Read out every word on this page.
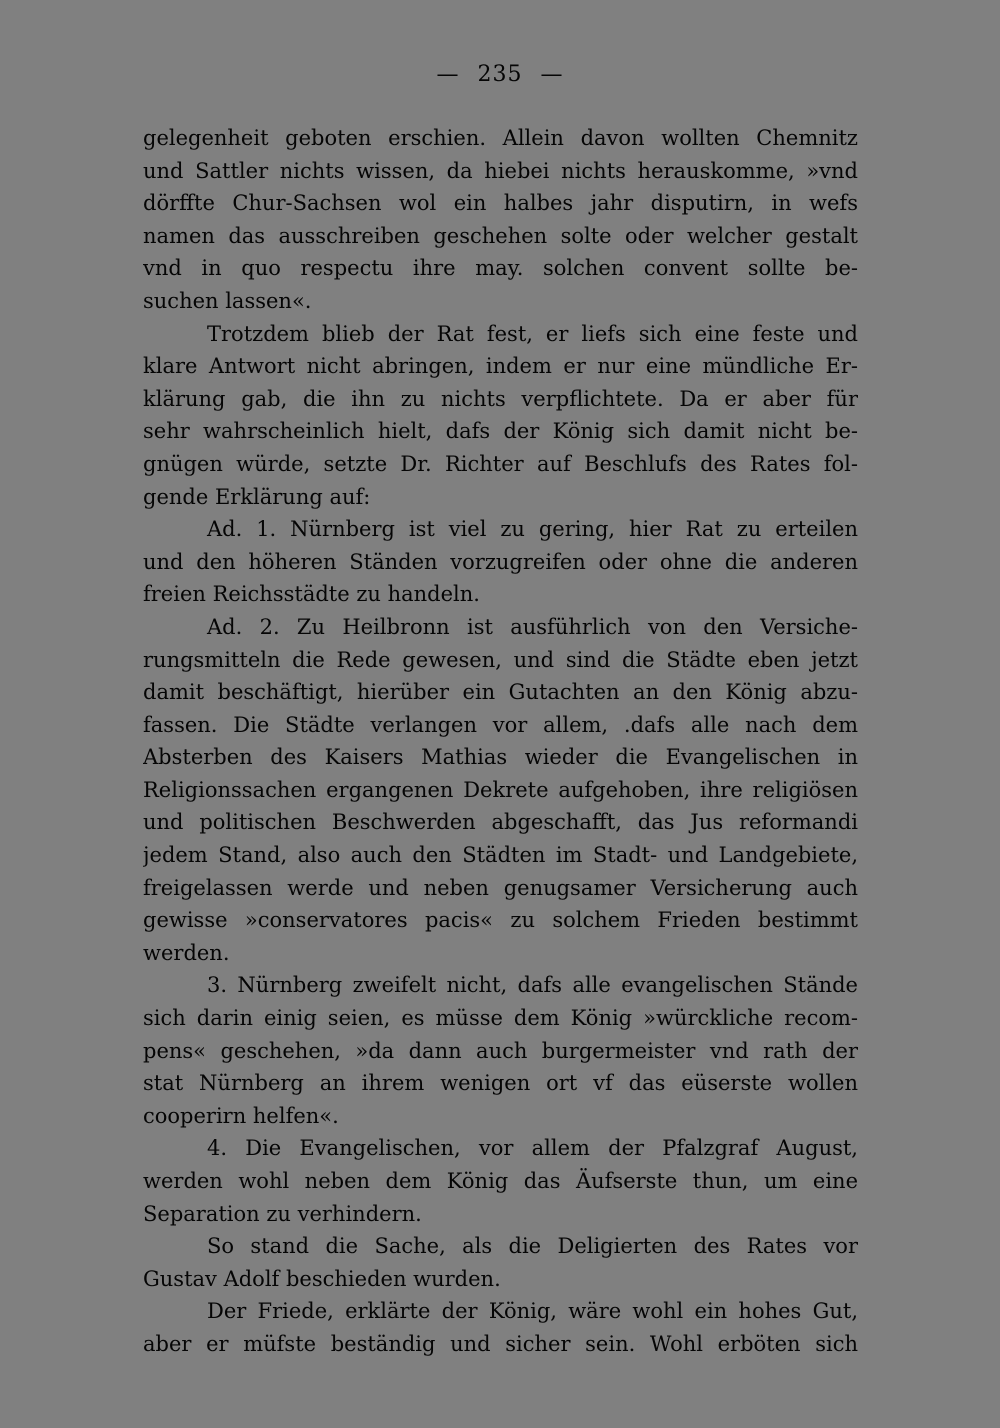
— 235 —
gelegenheit geboten erschien. Allein davon wollten Chemnitz
und Sattler nichts wissen, da hiebei nichts herauskomme, »vnd
dörffte Chur-Sachsen wol ein halbes jahr disputirn, in wefs
namen das ausschreiben geschehen solte oder welcher gestalt
vnd in quo respectu ihre may. solchen convent sollte be-
suchen lassen«.
Trotzdem blieb der Rat fest, er liefs sich eine feste und
klare Antwort nicht abringen, indem er nur eine mündliche Er-
klärung gab, die ihn zu nichts verpflichtete. Da er aber für
sehr wahrscheinlich hielt, dafs der König sich damit nicht be-
gnügen würde, setzte Dr. Richter auf Beschlufs des Rates fol-
gende Erklärung auf:
Ad. 1. Nürnberg ist viel zu gering, hier Rat zu erteilen
und den höheren Ständen vorzugreifen oder ohne die anderen
freien Reichsstädte zu handeln.
Ad. 2. Zu Heilbronn ist ausführlich von den Versiche-
rungsmitteln die Rede gewesen, und sind die Städte eben jetzt
damit beschäftigt, hierüber ein Gutachten an den König abzu-
fassen. Die Städte verlangen vor allem, .dafs alle nach dem
Absterben des Kaisers Mathias wieder die Evangelischen in
Religionssachen ergangenen Dekrete aufgehoben, ihre religiösen
und politischen Beschwerden abgeschafft, das Jus reformandi
jedem Stand, also auch den Städten im Stadt- und Landgebiete,
freigelassen werde und neben genugsamer Versicherung auch
gewisse »conservatores pacis« zu solchem Frieden bestimmt
werden.
3. Nürnberg zweifelt nicht, dafs alle evangelischen Stände
sich darin einig seien, es müsse dem König »würckliche recom-
pens« geschehen, »da dann auch burgermeister vnd rath der
stat Nürnberg an ihrem wenigen ort vf das eüserste wollen
cooperirn helfen«.
4. Die Evangelischen, vor allem der Pfalzgraf August,
werden wohl neben dem König das Äufserste thun, um eine
Separation zu verhindern.
So stand die Sache, als die Deligierten des Rates vor
Gustav Adolf beschieden wurden.
Der Friede, erklärte der König, wäre wohl ein hohes Gut,
aber er müfste beständig und sicher sein. Wohl erböten sich
